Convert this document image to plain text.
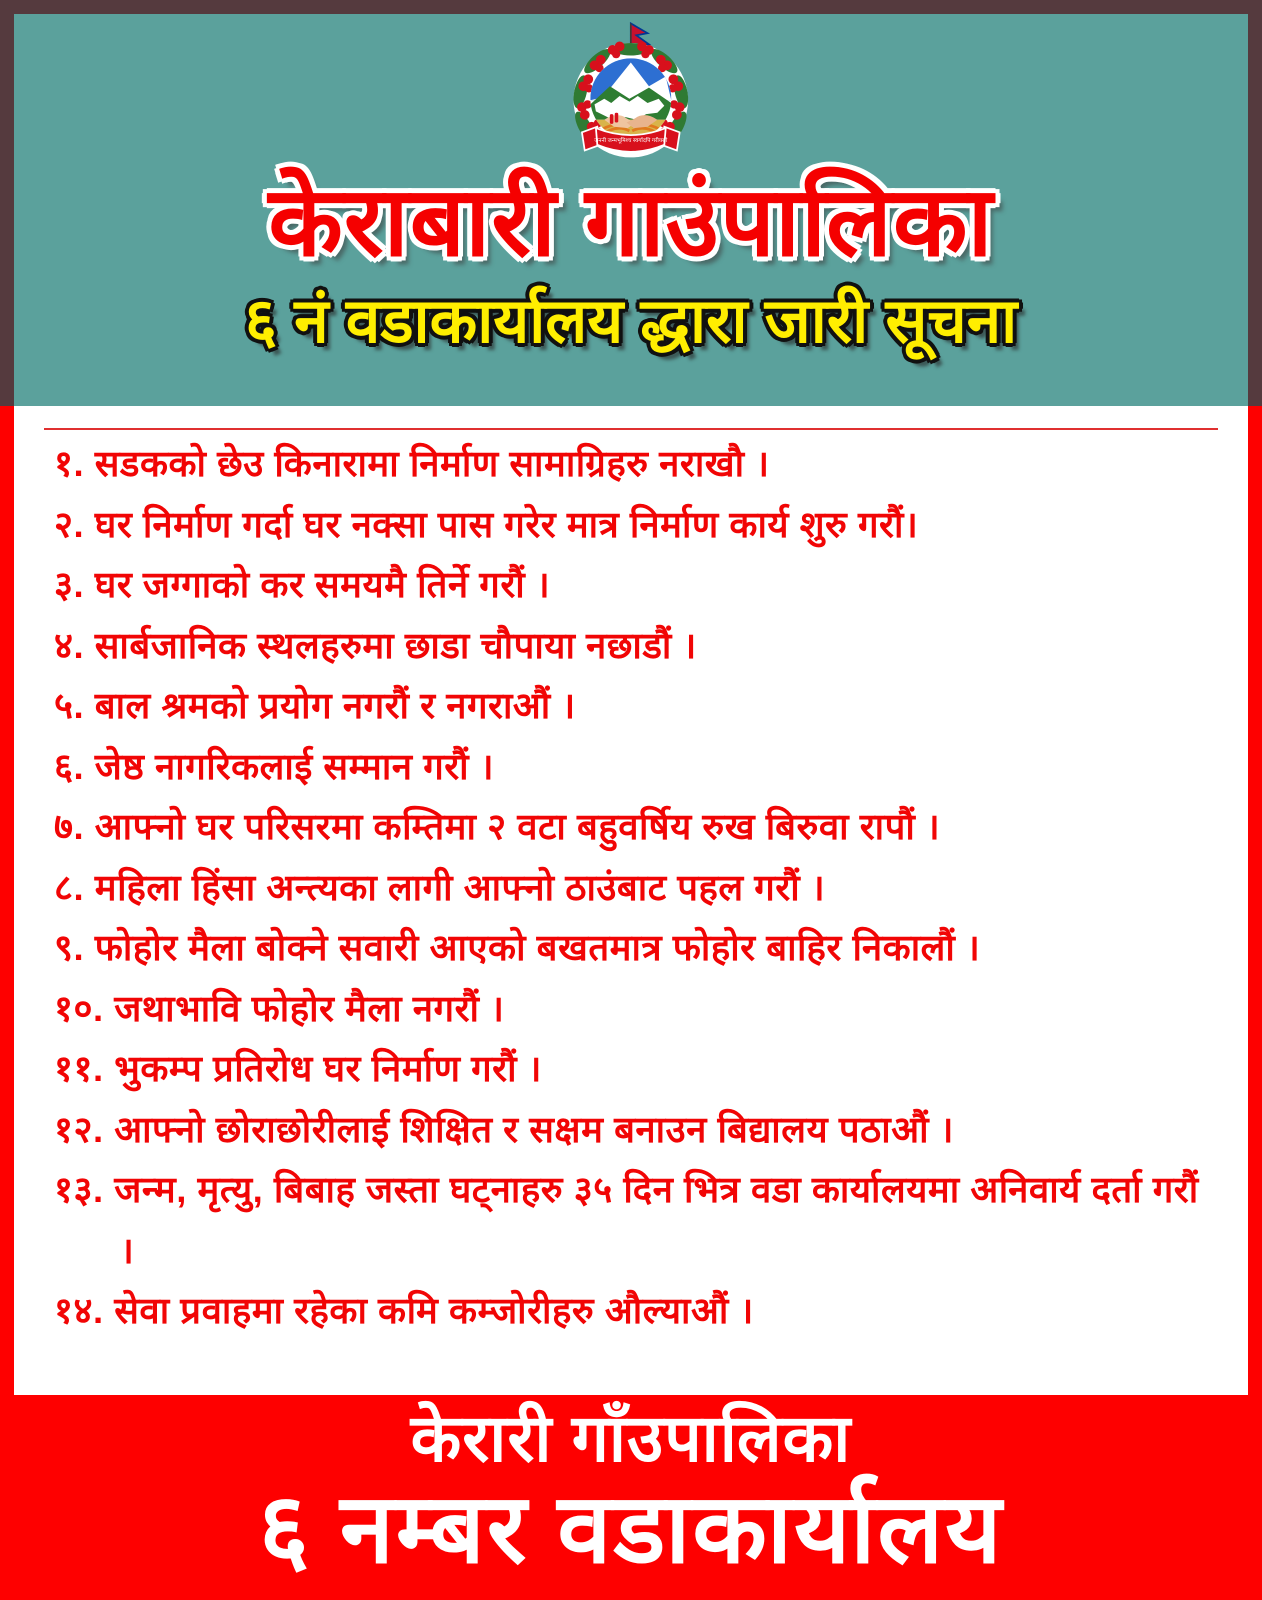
जननी जन्मभूमिश्च स्वर्गादपि गरीयसी
केराबारी गाउंपालिका
६ नं वडाकार्यालय द्धारा जारी सूचना
१. सडकको छेउ किनारामा निर्माण सामाग्रिहरु नराखौ ।
२. घर निर्माण गर्दा घर नक्सा पास गरेर मात्र निर्माण कार्य शुरु गरौं।
३. घर जग्गाको कर समयमै तिर्ने गरौं ।
४. सार्बजानिक स्थलहरुमा छाडा चौपाया नछाडौं ।
५. बाल श्रमको प्रयोग नगरौं र नगराऔं ।
६. जेष्ठ नागरिकलाई सम्मान गरौं ।
७. आफ्नो घर परिसरमा कम्तिमा २ वटा बहुवर्षिय रुख बिरुवा रापौं ।
८. महिला हिंसा अन्त्यका लागी आफ्नो ठाउंबाट पहल गरौं ।
९. फोहोर मैला बोक्ने सवारी आएको बखतमात्र फोहोर बाहिर निकालौं ।
१०. जथाभावि फोहोर मैला नगरौं ।
११. भुकम्प प्रतिरोध घर निर्माण गरौं ।
१२. आफ्नो छोराछोरीलाई शिक्षित र सक्षम बनाउन बिद्यालय पठाऔं ।
१३. जन्म, मृत्यु, बिबाह जस्ता घट्नाहरु ३५ दिन भित्र वडा कार्यालयमा अनिवार्य दर्ता गरौं ।
१४. सेवा प्रवाहमा रहेका कमि कम्जोरीहरु औल्याऔं ।
केरारी गाँउपालिका
६ नम्बर वडाकार्यालय
